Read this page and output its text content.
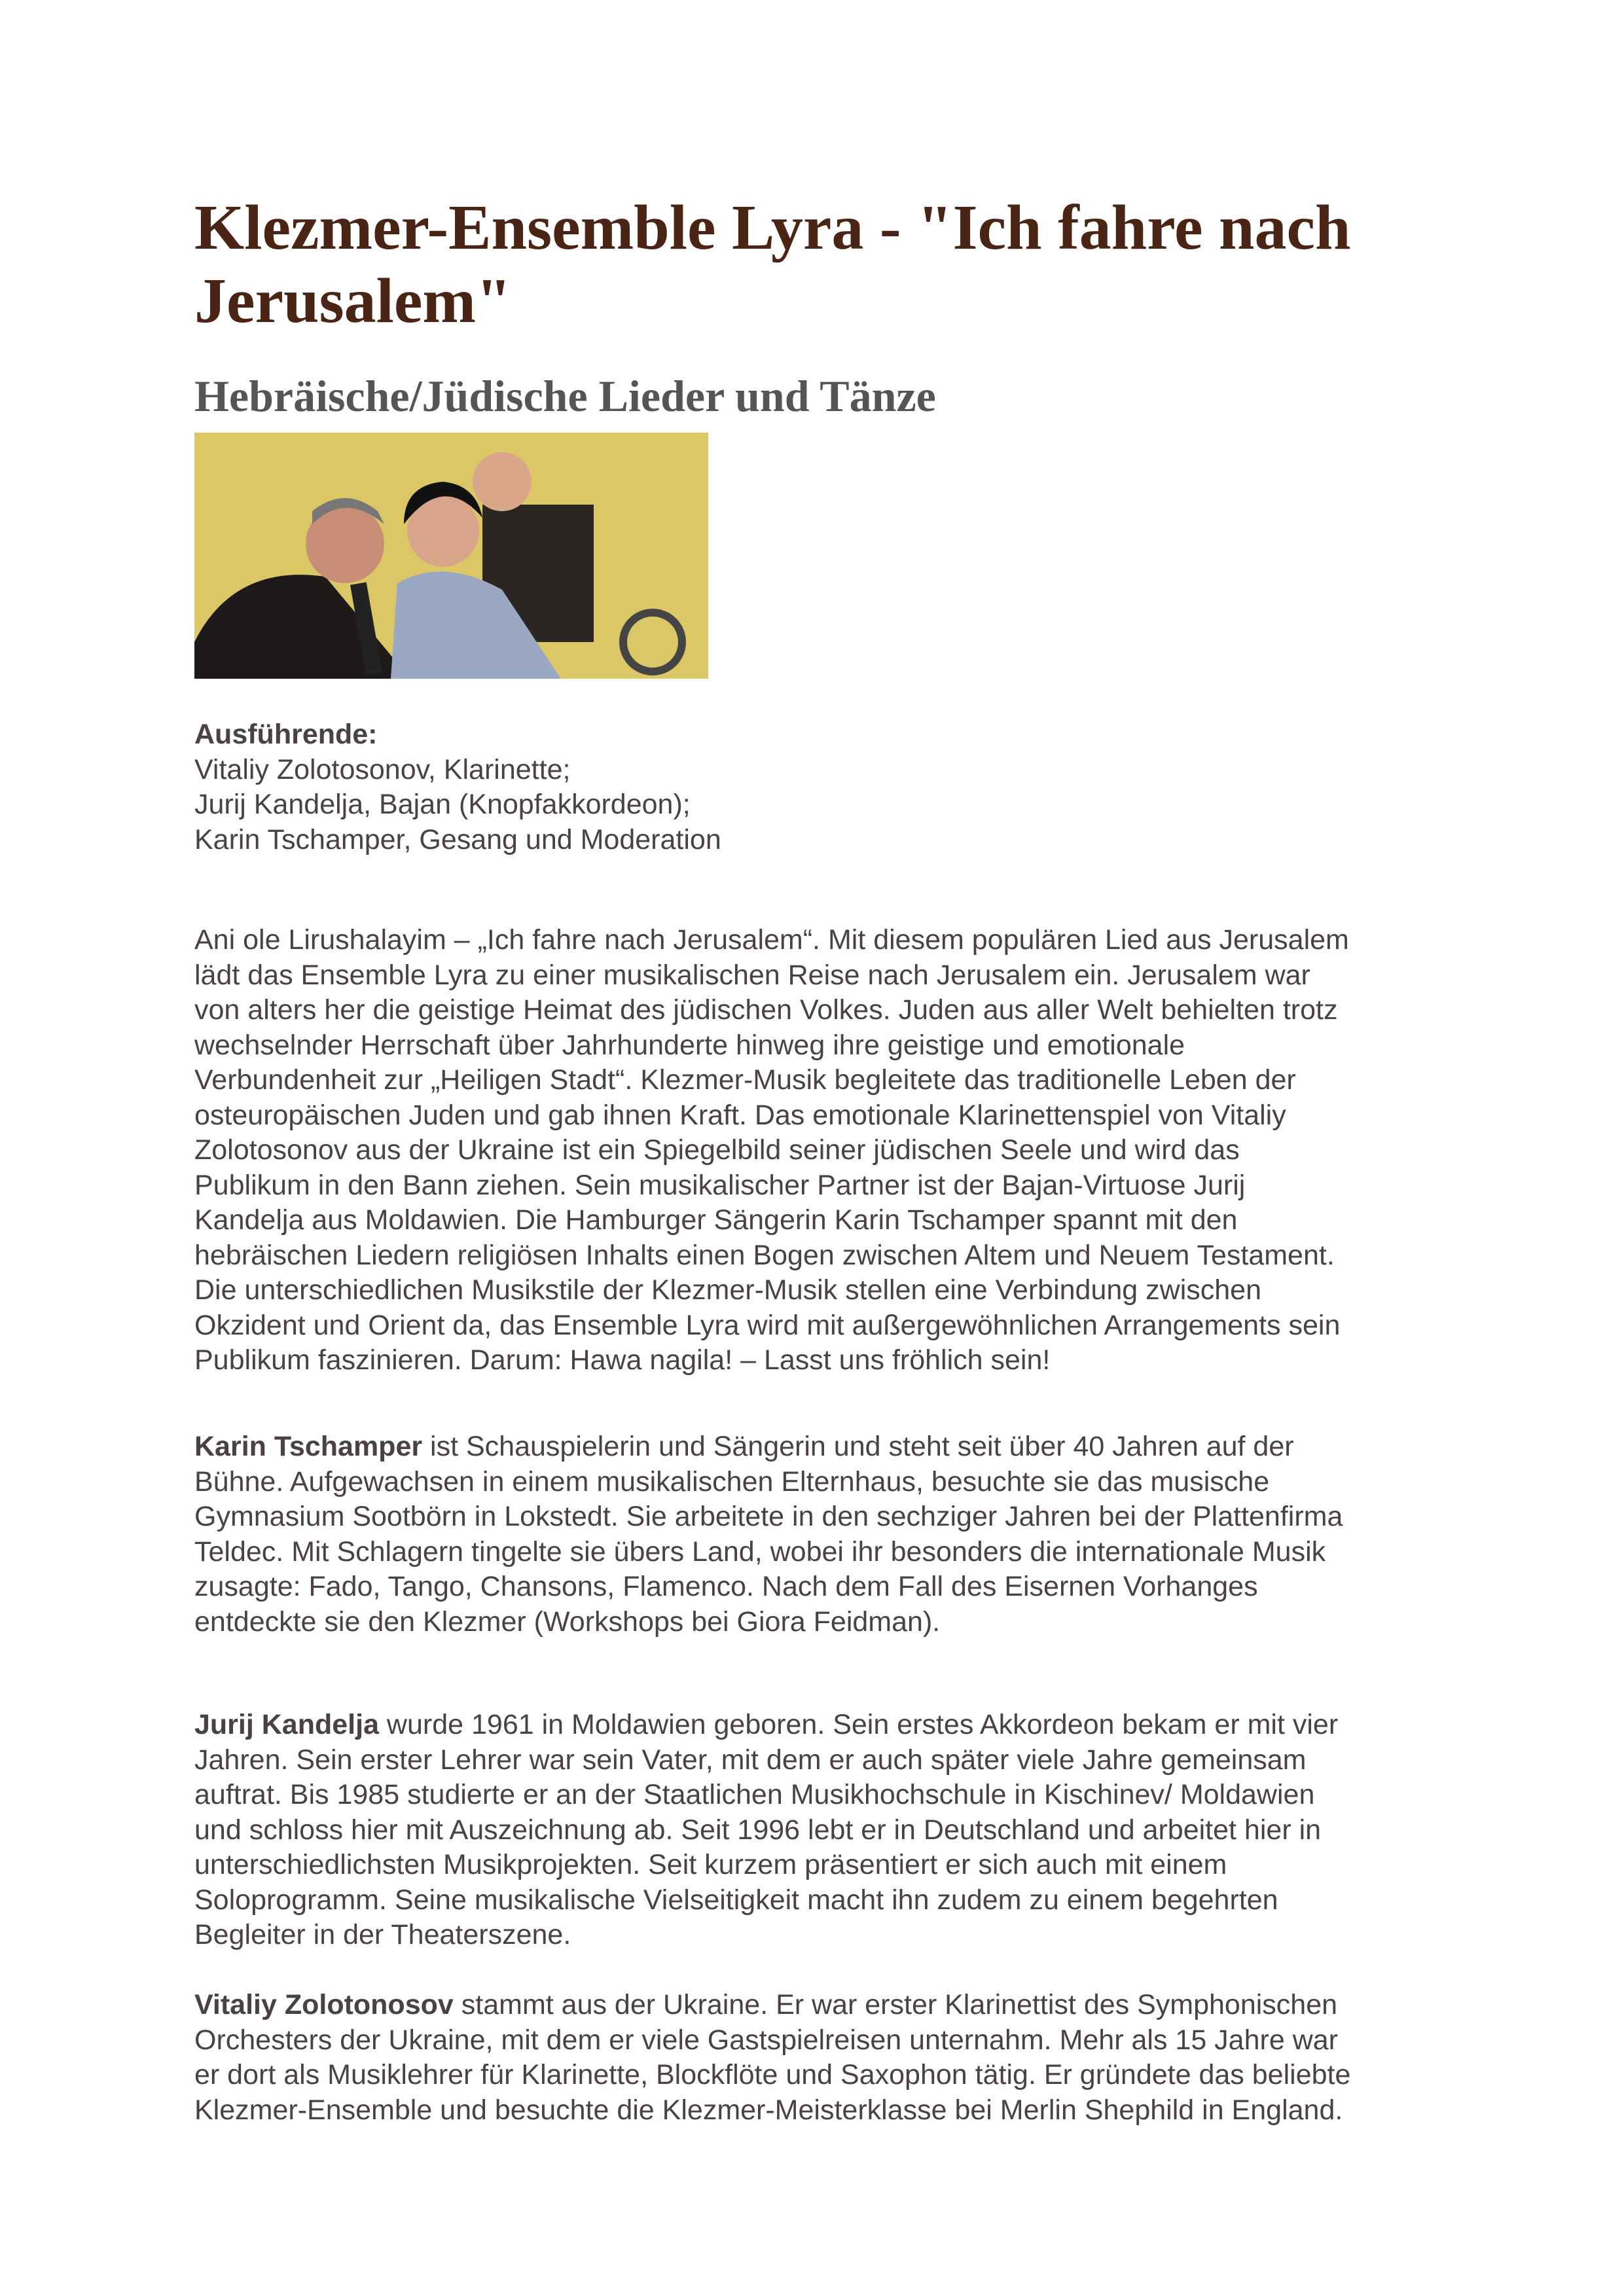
Klezmer-Ensemble Lyra - "Ich fahre nach
Jerusalem"
Hebräische/Jüdische Lieder und Tänze
Ausführende:
Vitaliy Zolotosonov, Klarinette;
Jurij Kandelja, Bajan (Knopfakkordeon);
Karin Tschamper, Gesang und Moderation
Ani ole Lirushalayim – „Ich fahre nach Jerusalem“. Mit diesem populären Lied aus Jerusalem
lädt das Ensemble Lyra zu einer musikalischen Reise nach Jerusalem ein. Jerusalem war
von alters her die geistige Heimat des jüdischen Volkes. Juden aus aller Welt behielten trotz
wechselnder Herrschaft über Jahrhunderte hinweg ihre geistige und emotionale
Verbundenheit zur „Heiligen Stadt“. Klezmer-Musik begleitete das traditionelle Leben der
osteuropäischen Juden und gab ihnen Kraft. Das emotionale Klarinettenspiel von Vitaliy
Zolotosonov aus der Ukraine ist ein Spiegelbild seiner jüdischen Seele und wird das
Publikum in den Bann ziehen. Sein musikalischer Partner ist der Bajan-Virtuose Jurij
Kandelja aus Moldawien. Die Hamburger Sängerin Karin Tschamper spannt mit den
hebräischen Liedern religiösen Inhalts einen Bogen zwischen Altem und Neuem Testament.
Die unterschiedlichen Musikstile der Klezmer-Musik stellen eine Verbindung zwischen
Okzident und Orient da, das Ensemble Lyra wird mit außergewöhnlichen Arrangements sein
Publikum faszinieren. Darum: Hawa nagila! – Lasst uns fröhlich sein!
Karin Tschamper ist Schauspielerin und Sängerin und steht seit über 40 Jahren auf der
Bühne. Aufgewachsen in einem musikalischen Elternhaus, besuchte sie das musische
Gymnasium Sootbörn in Lokstedt. Sie arbeitete in den sechziger Jahren bei der Plattenfirma
Teldec. Mit Schlagern tingelte sie übers Land, wobei ihr besonders die internationale Musik
zusagte: Fado, Tango, Chansons, Flamenco. Nach dem Fall des Eisernen Vorhanges
entdeckte sie den Klezmer (Workshops bei Giora Feidman).
Jurij Kandelja wurde 1961 in Moldawien geboren. Sein erstes Akkordeon bekam er mit vier
Jahren. Sein erster Lehrer war sein Vater, mit dem er auch später viele Jahre gemeinsam
auftrat. Bis 1985 studierte er an der Staatlichen Musikhochschule in Kischinev/ Moldawien
und schloss hier mit Auszeichnung ab. Seit 1996 lebt er in Deutschland und arbeitet hier in
unterschiedlichsten Musikprojekten. Seit kurzem präsentiert er sich auch mit einem
Soloprogramm. Seine musikalische Vielseitigkeit macht ihn zudem zu einem begehrten
Begleiter in der Theaterszene.
Vitaliy Zolotonosov stammt aus der Ukraine. Er war erster Klarinettist des Symphonischen
Orchesters der Ukraine, mit dem er viele Gastspielreisen unternahm. Mehr als 15 Jahre war
er dort als Musiklehrer für Klarinette, Blockflöte und Saxophon tätig. Er gründete das beliebte
Klezmer-Ensemble und besuchte die Klezmer-Meisterklasse bei Merlin Shephild in England.
